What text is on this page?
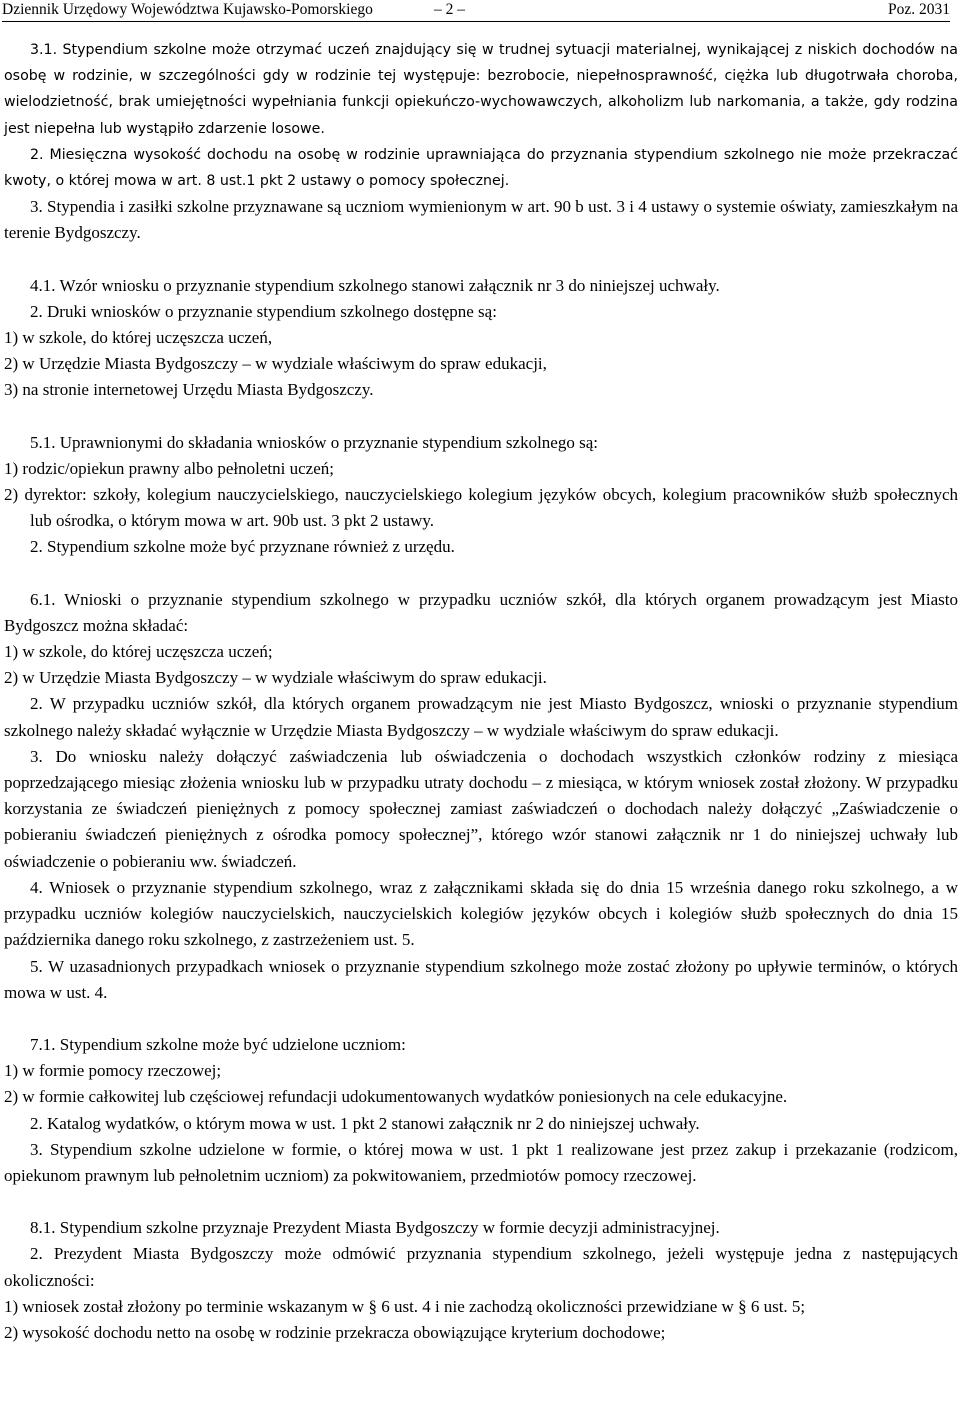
Dziennik Urzędowy Województwa Kujawsko-Pomorskiego	– 2 –	Poz. 2031

3.1. Stypendium szkolne może otrzymać uczeń znajdujący się w trudnej sytuacji materialnej, wynikającej z niskich dochodów na osobę w rodzinie, w szczególności gdy w rodzinie tej występuje: bezrobocie, niepełnosprawność, ciężka lub długotrwała choroba, wielodzietność, brak umiejętności wypełniania funkcji opiekuńczo-wychowawczych, alkoholizm lub narkomania, a także, gdy rodzina jest niepełna lub wystąpiło zdarzenie losowe.

2. Miesięczna wysokość dochodu na osobę w rodzinie uprawniająca do przyznania stypendium szkolnego nie może przekraczać kwoty, o której mowa w art. 8 ust.1 pkt 2 ustawy o pomocy społecznej.

3. Stypendia i zasiłki szkolne przyznawane są uczniom wymienionym w art. 90 b ust. 3 i 4 ustawy o systemie oświaty, zamieszkałym na terenie Bydgoszczy.

4.1. Wzór wniosku o przyznanie stypendium szkolnego stanowi załącznik nr 3 do niniejszej uchwały.

2. Druki wniosków o przyznanie stypendium szkolnego dostępne są:

1) w szkole, do której uczęszcza uczeń,

2) w Urzędzie Miasta Bydgoszczy – w wydziale właściwym do spraw edukacji,

3) na stronie internetowej Urzędu Miasta Bydgoszczy.

5.1. Uprawnionymi do składania wniosków o przyznanie stypendium szkolnego są:

1) rodzic/opiekun prawny albo pełnoletni uczeń;

2) dyrektor: szkoły, kolegium nauczycielskiego, nauczycielskiego kolegium języków obcych, kolegium pracowników służb społecznych lub ośrodka, o którym mowa w art. 90b ust. 3 pkt 2 ustawy.

2. Stypendium szkolne może być przyznane również z urzędu.

6.1. Wnioski o przyznanie stypendium szkolnego w przypadku uczniów szkół, dla których organem prowadzącym jest Miasto Bydgoszcz można składać:

1) w szkole, do której uczęszcza uczeń;

2) w Urzędzie Miasta Bydgoszczy – w wydziale właściwym do spraw edukacji.

2. W przypadku uczniów szkół, dla których organem prowadzącym nie jest Miasto Bydgoszcz, wnioski o przyznanie stypendium szkolnego należy składać wyłącznie w Urzędzie Miasta Bydgoszczy – w wydziale właściwym do spraw edukacji.

3. Do wniosku należy dołączyć zaświadczenia lub oświadczenia o dochodach wszystkich członków rodziny z miesiąca poprzedzającego miesiąc złożenia wniosku lub w przypadku utraty dochodu – z miesiąca, w którym wniosek został złożony. W przypadku korzystania ze świadczeń pieniężnych z pomocy społecznej zamiast zaświadczeń o dochodach należy dołączyć „Zaświadczenie o pobieraniu świadczeń pieniężnych z ośrodka pomocy społecznej”, którego wzór stanowi załącznik nr 1 do niniejszej uchwały lub oświadczenie o pobieraniu ww. świadczeń.

4. Wniosek o przyznanie stypendium szkolnego, wraz z załącznikami składa się do dnia 15 września danego roku szkolnego, a w przypadku uczniów kolegiów nauczycielskich, nauczycielskich kolegiów języków obcych i kolegiów służb społecznych do dnia 15 października danego roku szkolnego, z zastrzeżeniem ust. 5.

5. W uzasadnionych przypadkach wniosek o przyznanie stypendium szkolnego może zostać złożony po upływie terminów, o których mowa w ust. 4.

7.1. Stypendium szkolne może być udzielone uczniom:

1) w formie pomocy rzeczowej;

2) w formie całkowitej lub częściowej refundacji udokumentowanych wydatków poniesionych na cele edukacyjne.

2. Katalog wydatków, o którym mowa w ust. 1 pkt 2 stanowi załącznik nr 2 do niniejszej uchwały.

3. Stypendium szkolne udzielone w formie, o której mowa w ust. 1 pkt 1 realizowane jest przez zakup i przekazanie (rodzicom, opiekunom prawnym lub pełnoletnim uczniom) za pokwitowaniem, przedmiotów pomocy rzeczowej.

8.1. Stypendium szkolne przyznaje Prezydent Miasta Bydgoszczy w formie decyzji administracyjnej.

2. Prezydent Miasta Bydgoszczy może odmówić przyznania stypendium szkolnego, jeżeli występuje jedna z następujących okoliczności:

1) wniosek został złożony po terminie wskazanym w § 6 ust. 4 i nie zachodzą okoliczności przewidziane w § 6 ust. 5;

2) wysokość dochodu netto na osobę w rodzinie przekracza obowiązujące kryterium dochodowe;
